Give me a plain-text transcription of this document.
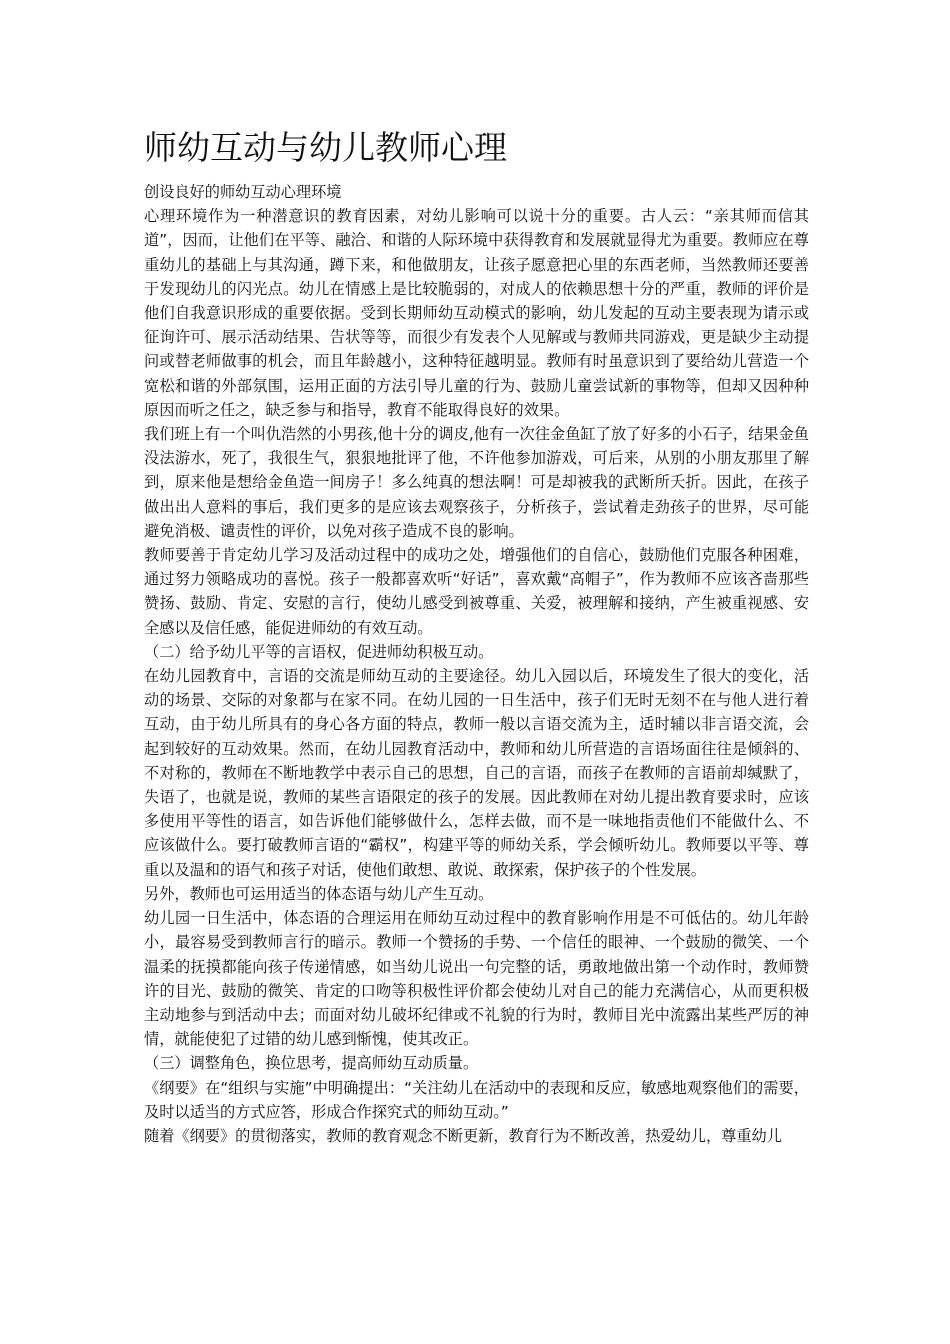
师幼互动与幼儿教师心理

创设良好的师幼互动心理环境

心理环境作为一种潜意识的教育因素，对幼儿影响可以说十分的重要。古人云：“亲其师而信其道”，因而，让他们在平等、融洽、和谐的人际环境中获得教育和发展就显得尤为重要。教师应在尊重幼儿的基础上与其沟通，蹲下来，和他做朋友，让孩子愿意把心里的东西老师，当然教师还要善于发现幼儿的闪光点。幼儿在情感上是比较脆弱的，对成人的依赖思想十分的严重，教师的评价是他们自我意识形成的重要依据。受到长期师幼互动模式的影响，幼儿发起的互动主要表现为请示或征询许可、展示活动结果、告状等等，而很少有发表个人见解或与教师共同游戏，更是缺少主动提问或替老师做事的机会，而且年龄越小，这种特征越明显。教师有时虽意识到了要给幼儿营造一个宽松和谐的外部氛围，运用正面的方法引导儿童的行为、鼓励儿童尝试新的事物等，但却又因种种原因而听之任之，缺乏参与和指导，教育不能取得良好的效果。

我们班上有一个叫仇浩然的小男孩,他十分的调皮,他有一次往金鱼缸了放了好多的小石子，结果金鱼没法游水，死了，我很生气，狠狠地批评了他，不许他参加游戏，可后来，从别的小朋友那里了解到，原来他是想给金鱼造一间房子！多么纯真的想法啊！可是却被我的武断所夭折。因此，在孩子做出出人意料的事后，我们更多的是应该去观察孩子，分析孩子，尝试着走劲孩子的世界，尽可能避免消极、谴责性的评价，以免对孩子造成不良的影响。

教师要善于肯定幼儿学习及活动过程中的成功之处，增强他们的自信心，鼓励他们克服各种困难，通过努力领略成功的喜悦。孩子一般都喜欢听“好话”，喜欢戴“高帽子”，作为教师不应该吝啬那些赞扬、鼓励、肯定、安慰的言行，使幼儿感受到被尊重、关爱，被理解和接纳，产生被重视感、安全感以及信任感，能促进师幼的有效互动。

（二）给予幼儿平等的言语权，促进师幼积极互动。

在幼儿园教育中，言语的交流是师幼互动的主要途径。幼儿入园以后，环境发生了很大的变化，活动的场景、交际的对象都与在家不同。在幼儿园的一日生活中，孩子们无时无刻不在与他人进行着互动，由于幼儿所具有的身心各方面的特点，教师一般以言语交流为主，适时辅以非言语交流，会起到较好的互动效果。然而，在幼儿园教育活动中，教师和幼儿所营造的言语场面往往是倾斜的、不对称的，教师在不断地教学中表示自己的思想，自己的言语，而孩子在教师的言语前却缄默了，失语了，也就是说，教师的某些言语限定的孩子的发展。因此教师在对幼儿提出教育要求时，应该多使用平等性的语言，如告诉他们能够做什么，怎样去做，而不是一味地指责他们不能做什么、不应该做什么。要打破教师言语的“霸权”，构建平等的师幼关系，学会倾听幼儿。教师要以平等、尊重以及温和的语气和孩子对话，使他们敢想、敢说、敢探索，保护孩子的个性发展。

另外，教师也可运用适当的体态语与幼儿产生互动。

幼儿园一日生活中，体态语的合理运用在师幼互动过程中的教育影响作用是不可低估的。幼儿年龄小，最容易受到教师言行的暗示。教师一个赞扬的手势、一个信任的眼神、一个鼓励的微笑、一个温柔的抚摸都能向孩子传递情感，如当幼儿说出一句完整的话，勇敢地做出第一个动作时，教师赞许的目光、鼓励的微笑、肯定的口吻等积极性评价都会使幼儿对自己的能力充满信心，从而更积极主动地参与到活动中去；而面对幼儿破坏纪律或不礼貌的行为时，教师目光中流露出某些严厉的神情，就能使犯了过错的幼儿感到惭愧，使其改正。

（三）调整角色，换位思考，提高师幼互动质量。

《纲要》在“组织与实施”中明确提出：“关注幼儿在活动中的表现和反应，敏感地观察他们的需要，及时以适当的方式应答，形成合作探究式的师幼互动。”

随着《纲要》的贯彻落实，教师的教育观念不断更新，教育行为不断改善，热爱幼儿，尊重幼儿
